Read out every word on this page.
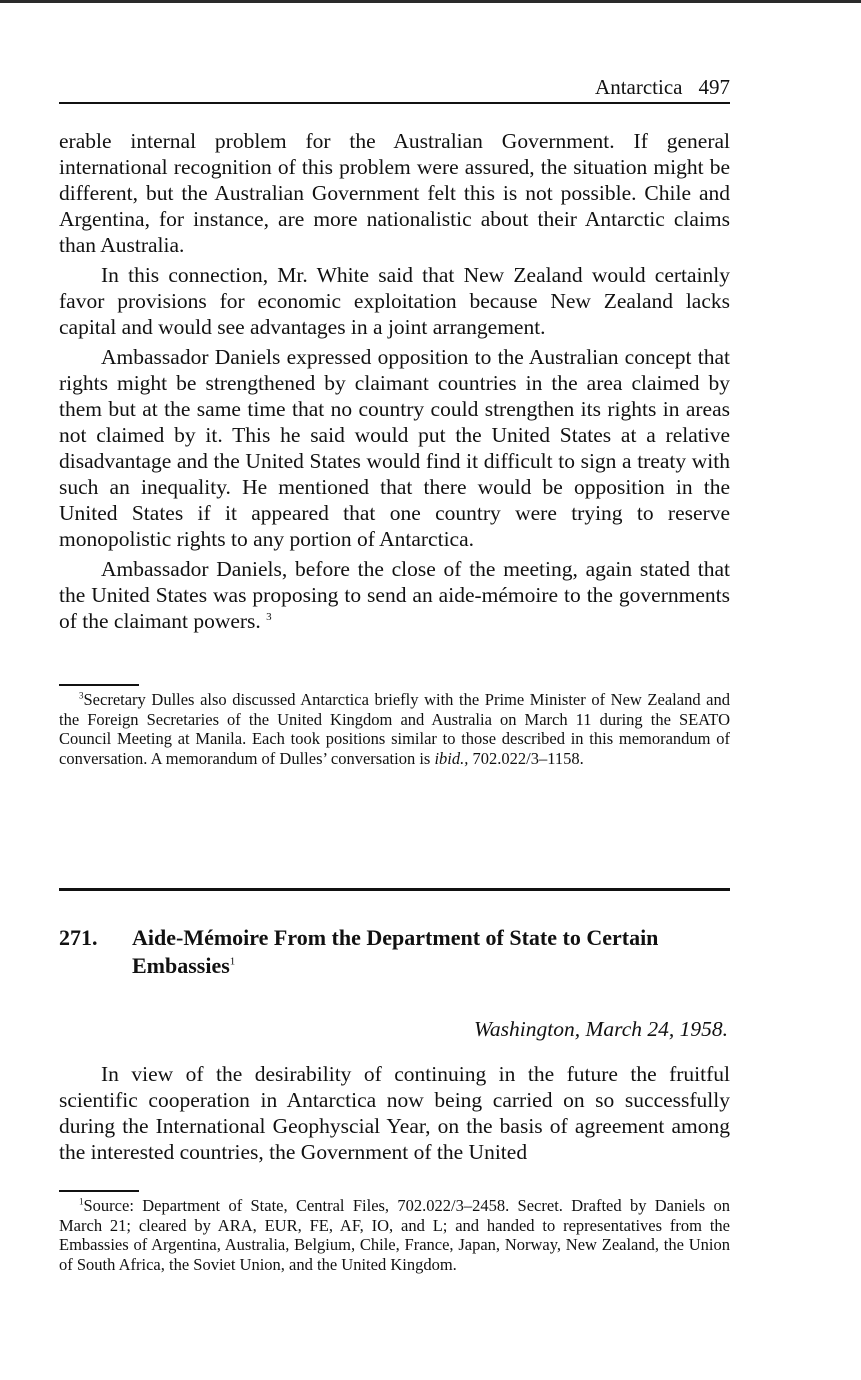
Antarctica 497

erable internal problem for the Australian Government. If general international recognition of this problem were assured, the situation might be different, but the Australian Government felt this is not possible. Chile and Argentina, for instance, are more nationalistic about their Antarctic claims than Australia.

In this connection, Mr. White said that New Zealand would certainly favor provisions for economic exploitation because New Zealand lacks capital and would see advantages in a joint arrangement.

Ambassador Daniels expressed opposition to the Australian concept that rights might be strengthened by claimant countries in the area claimed by them but at the same time that no country could strengthen its rights in areas not claimed by it. This he said would put the United States at a relative disadvantage and the United States would find it difficult to sign a treaty with such an inequality. He mentioned that there would be opposition in the United States if it appeared that one country were trying to reserve monopolistic rights to any portion of Antarctica.

Ambassador Daniels, before the close of the meeting, again stated that the United States was proposing to send an aide-mémoire to the governments of the claimant powers. $^3$

$^3$Secretary Dulles also discussed Antarctica briefly with the Prime Minister of New Zealand and the Foreign Secretaries of the United Kingdom and Australia on March 11 during the SEATO Council Meeting at Manila. Each took positions similar to those described in this memorandum of conversation. A memorandum of Dulles’ conversation is ibid., 702.022/3–1158.
271. Aide-Mémoire From the Department of State to Certain Embassies$^1$
Washington, March 24, 1958.

In view of the desirability of continuing in the future the fruitful scientific cooperation in Antarctica now being carried on so successfully during the International Geophyscial Year, on the basis of agreement among the interested countries, the Government of the United

$^1$Source: Department of State, Central Files, 702.022/3–2458. Secret. Drafted by Daniels on March 21; cleared by ARA, EUR, FE, AF, IO, and L; and handed to representatives from the Embassies of Argentina, Australia, Belgium, Chile, France, Japan, Norway, New Zealand, the Union of South Africa, the Soviet Union, and the United Kingdom.
